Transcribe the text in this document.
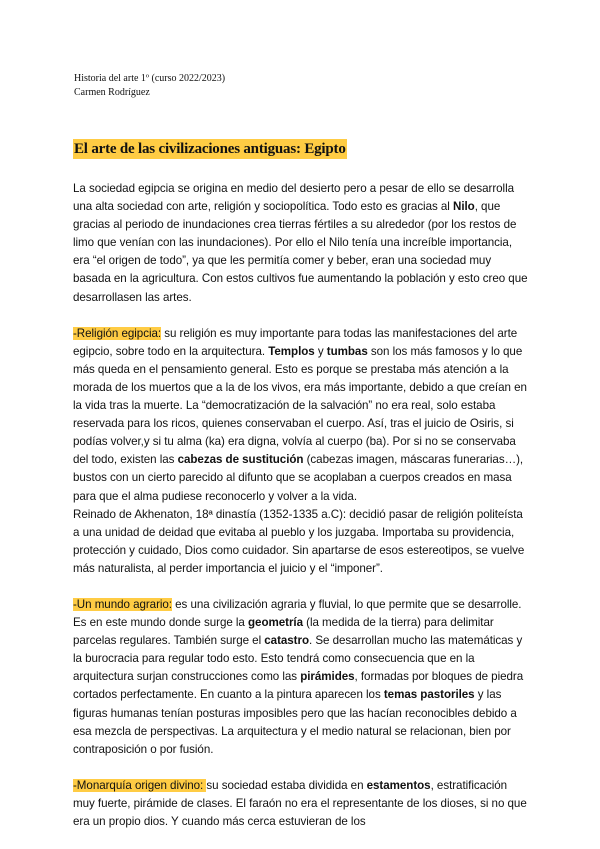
Historia del arte 1º (curso 2022/2023)
Carmen Rodríguez
El arte de las civilizaciones antiguas: Egipto

La sociedad egipcia se origina en medio del desierto pero a pesar de ello se desarrolla una alta sociedad con arte, religión y sociopolítica. Todo esto es gracias al Nilo, que gracias al periodo de inundaciones crea tierras fértiles a su alrededor (por los restos de limo que venían con las inundaciones). Por ello el Nilo tenía una increíble importancia, era “el origen de todo”, ya que les permitía comer y beber, eran una sociedad muy basada en la agricultura. Con estos cultivos fue aumentando la población y esto creo que desarrollasen las artes.

-Religión egipcia: su religión es muy importante para todas las manifestaciones del arte egipcio, sobre todo en la arquitectura. Templos y tumbas son los más famosos y lo que más queda en el pensamiento general. Esto es porque se prestaba más atención a la morada de los muertos que a la de los vivos, era más importante, debido a que creían en la vida tras la muerte. La “democratización de la salvación” no era real, solo estaba reservada para los ricos, quienes conservaban el cuerpo. Así, tras el juicio de Osiris, si podías volver,y si tu alma (ka) era digna, volvía al cuerpo (ba). Por si no se conservaba del todo, existen las cabezas de sustitución (cabezas imagen, máscaras funerarias…), bustos con un cierto parecido al difunto que se acoplaban a cuerpos creados en masa para que el alma pudiese reconocerlo y volver a la vida.
Reinado de Akhenaton, 18ª dinastía (1352-1335 a.C): decidió pasar de religión politeísta a una unidad de deidad que evitaba al pueblo y los juzgaba. Importaba su providencia, protección y cuidado, Dios como cuidador. Sin apartarse de esos estereotipos, se vuelve más naturalista, al perder importancia el juicio y el “imponer”.

-Un mundo agrario: es una civilización agraria y fluvial, lo que permite que se desarrolle. Es en este mundo donde surge la geometría (la medida de la tierra) para delimitar parcelas regulares. También surge el catastro. Se desarrollan mucho las matemáticas y la burocracia para regular todo esto. Esto tendrá como consecuencia que en la arquitectura surjan construcciones como las pirámides, formadas por bloques de piedra cortados perfectamente. En cuanto a la pintura aparecen los temas pastoriles y las figuras humanas tenían posturas imposibles pero que las hacían reconocibles debido a esa mezcla de perspectivas. La arquitectura y el medio natural se relacionan, bien por contraposición o por fusión.

-Monarquía origen divino: su sociedad estaba dividida en estamentos, estratificación muy fuerte, pirámide de clases. El faraón no era el representante de los dioses, si no que era un propio dios. Y cuando más cerca estuvieran de los
